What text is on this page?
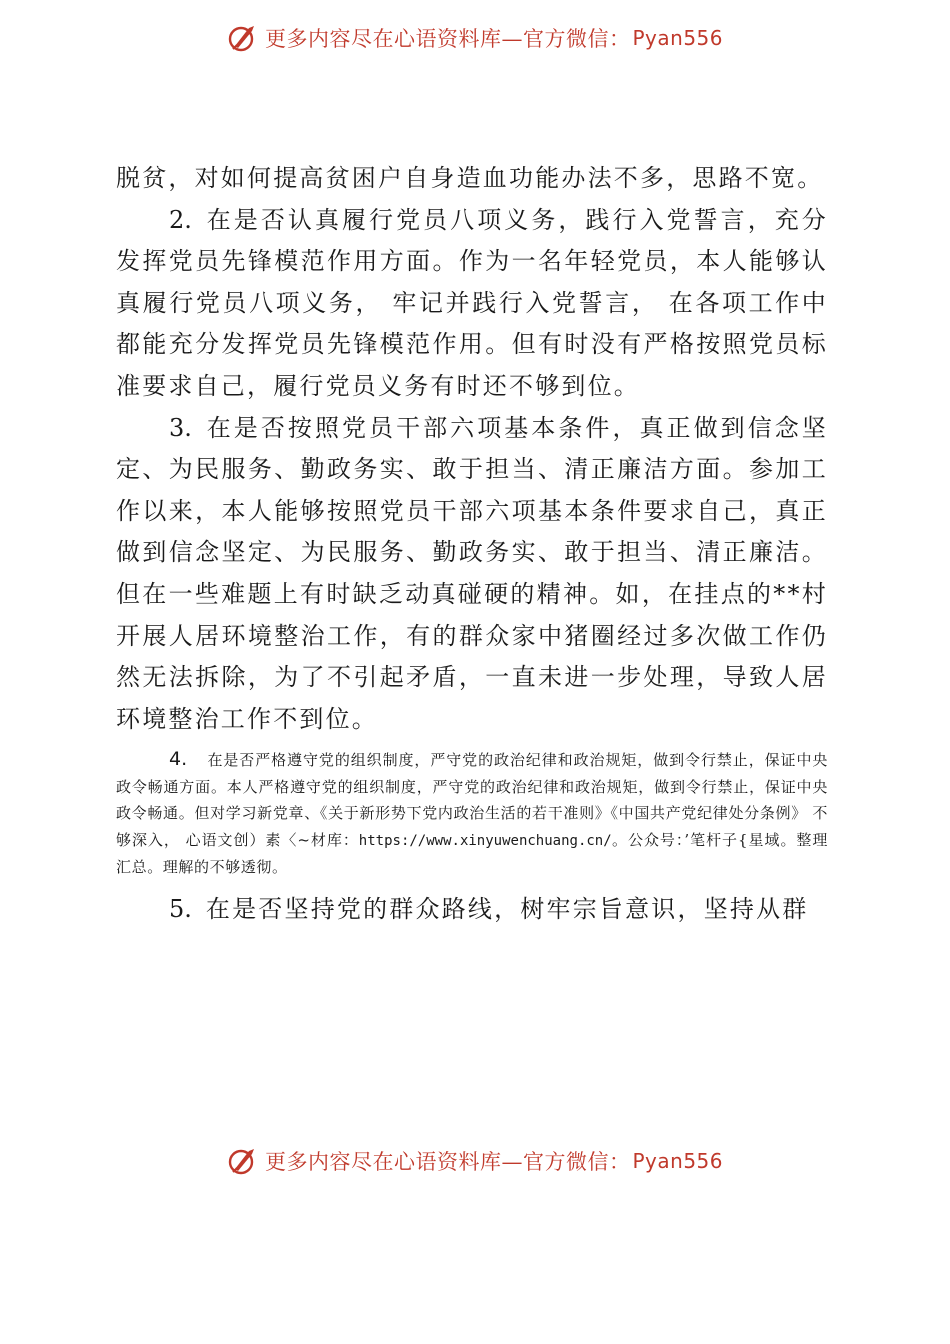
更多内容尽在心语资料库—官方微信： Pyan556

脱贫，对如何提高贫困户自身造血功能办法不多，思路不宽。

2. 在是否认真履行党员八项义务，践行入党誓言，充分发挥党员先锋模范作用方面。作为一名年轻党员，本人能够认真履行党员八项义务， 牢记并践行入党誓言， 在各项工作中都能充分发挥党员先锋模范作用。但有时没有严格按照党员标准要求自己，履行党员义务有时还不够到位。

3. 在是否按照党员干部六项基本条件，真正做到信念坚定、为民服务、勤政务实、敢于担当、清正廉洁方面。参加工作以来，本人能够按照党员干部六项基本条件要求自己，真正做到信念坚定、为民服务、勤政务实、敢于担当、清正廉洁。但在一些难题上有时缺乏动真碰硬的精神。如，在挂点的**村开展人居环境整治工作，有的群众家中猪圈经过多次做工作仍然无法拆除，为了不引起矛盾，一直未进一步处理，导致人居环境整治工作不到位。

4. 在是否严格遵守党的组织制度，严守党的政治纪律和政治规矩，做到令行禁止，保证中央政令畅通方面。本人严格遵守党的组织制度，严守党的政治纪律和政治规矩，做到令行禁止，保证中央政令畅通。但对学习新党章、《关于新形势下党内政治生活的若干准则》《中国共产党纪律处分条例》 不够深入， 心语文创）素〈~材库：https://www.xinyuwenchuang.cn/。公众号：’笔杆子{星域。整理汇总。理解的不够透彻。

5. 在是否坚持党的群众路线，树牢宗旨意识，坚持从群

更多内容尽在心语资料库—官方微信： Pyan556
